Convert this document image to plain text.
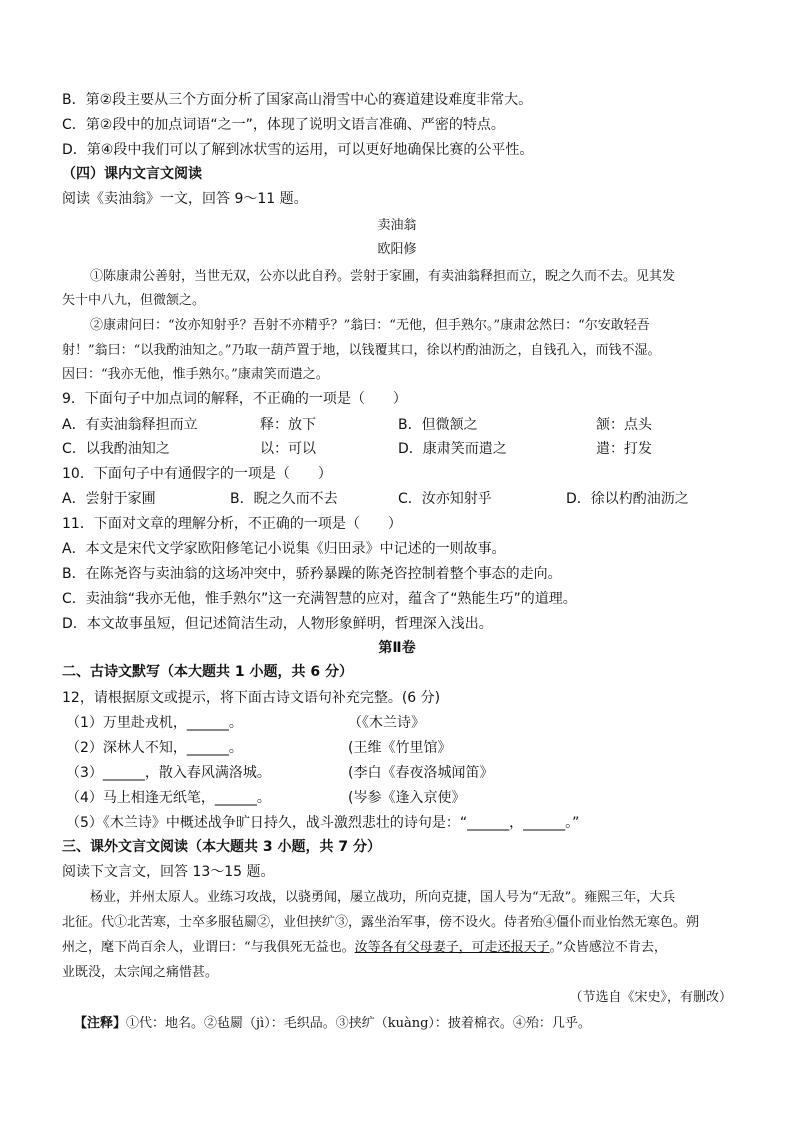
B．第②段主要从三个方面分析了国家高山滑雪中心的赛道建设难度非常大。
C．第②段中的加点词语“之一”，体现了说明文语言准确、严密的特点。
D．第④段中我们可以了解到冰状雪的运用，可以更好地确保比赛的公平性。
（四）课内文言文阅读
阅读《卖油翁》一文，回答 9～11 题。
卖油翁
欧阳修
①陈康肃公善射，当世无双，公亦以此自矜。尝射于家圃，有卖油翁释担而立，睨之久而不去。见其发
矢十中八九，但微颔之。
②康肃问曰：“汝亦知射乎？吾射不亦精乎？”翁曰：“无他，但手熟尔。”康肃忿然曰：“尔安敢轻吾
射！”翁曰：“以我酌油知之。”乃取一葫芦置于地，以钱覆其口，徐以杓酌油沥之，自钱孔入，而钱不湿。
因曰：“我亦无他，惟手熟尔。”康肃笑而遣之。
9．下面句子中加点词的解释，不正确的一项是（　　）
A．有卖油翁释担而立	释：放下	B．但微颔之	颔：点头
C．以我酌油知之	以：可以	D．康肃笑而遣之	遣：打发
10．下面句子中有通假字的一项是（　　）
A．尝射于家圃	B．睨之久而不去	C．汝亦知射乎	D．徐以杓酌油沥之
11．下面对文章的理解分析，不正确的一项是（　　）
A．本文是宋代文学家欧阳修笔记小说集《归田录》中记述的一则故事。
B．在陈尧咨与卖油翁的这场冲突中，骄矜暴躁的陈尧咨控制着整个事态的走向。
C．卖油翁“我亦无他，惟手熟尔”这一充满智慧的应对，蕴含了“熟能生巧”的道理。
D．本文故事虽短，但记述简洁生动，人物形象鲜明，哲理深入浅出。
第Ⅱ卷
二、古诗文默写（本大题共 1 小题，共 6 分）
12，请根据原文或提示，将下面古诗文语句补充完整。(6 分)
（1）万里赴戎机，______。	（《木兰诗》
（2）深林人不知，______。	(王维《竹里馆》
（3）______，散入春风满洛城。	(李白《春夜洛城闻笛》
（4）马上相逢无纸笔，______。	(岑参《逢入京使》
（5）《木兰诗》中概述战争旷日持久，战斗激烈悲壮的诗句是：“______，______。”
三、课外文言文阅读（本大题共 3 小题，共 7 分）
阅读下文言文，回答 13～15 题。
杨业，并州太原人。业练习攻战，以骁勇闻，屡立战功，所向克捷，国人号为“无敌”。雍熙三年，大兵
北征。代①北苦寒，士卒多服毡罽②，业但挟纩③，露坐治军事，傍不设火。侍者殆④僵仆而业怡然无寒色。朔
州之，麾下尚百余人，业谓曰：“与我俱死无益也。汝等各有父母妻子，可走还报天子。”众皆感泣不肯去，
业既没，太宗闻之痛惜甚。
（节选自《宋史》，有删改）
【注释】①代：地名。②毡罽（jì）：毛织品。③挟纩（kuàng）：披着棉衣。④殆：几乎。
